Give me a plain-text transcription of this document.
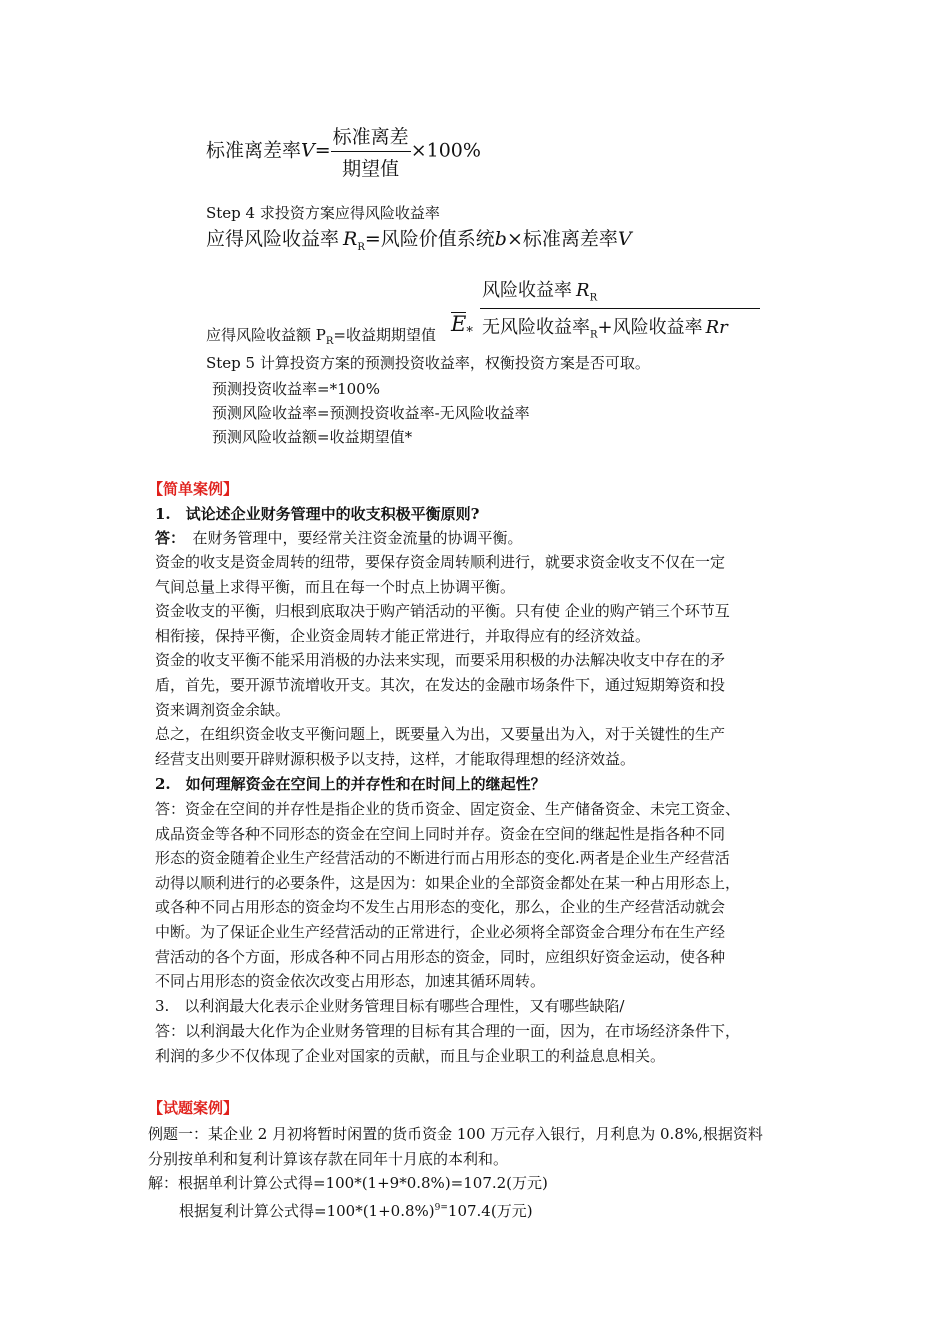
标准离差率$V= \frac{\text{标准离差}}{\text{期望值}} \times 100\%$
Step 4 求投资方案应得风险收益率
应得风险收益率 $R_R=$风险价值系统b×标准离差率V
应得风险收益额 $P_R=$收益期期望值 $E_*$
风险收益率 $R_R$
无风险收益率$_R$+风险收益率 Rr
Step 5 计算投资方案的预测投资收益率，权衡投资方案是否可取。
预测投资收益率=*100%
预测风险收益率=预测投资收益率-无风险收益率
预测风险收益额=收益期望值*
【简单案例】
1.　试论述企业财务管理中的收支积极平衡原则?
答：　在财务管理中，要经常关注资金流量的协调平衡。
资金的收支是资金周转的纽带，要保存资金周转顺利进行，就要求资金收支不仅在一定
气间总量上求得平衡，而且在每一个时点上协调平衡。
资金收支的平衡，归根到底取决于购产销活动的平衡。只有使 企业的购产销三个环节互
相衔接，保持平衡，企业资金周转才能正常进行，并取得应有的经济效益。
资金的收支平衡不能采用消极的办法来实现，而要采用积极的办法解决收支中存在的矛
盾，首先，要开源节流增收开支。其次，在发达的金融市场条件下，通过短期筹资和投
资来调剂资金余缺。
总之，在组织资金收支平衡问题上，既要量入为出，又要量出为入，对于关键性的生产
经营支出则要开辟财源积极予以支持，这样，才能取得理想的经济效益。
2.　如何理解资金在空间上的并存性和在时间上的继起性？
答：资金在空间的并存性是指企业的货币资金、固定资金、生产储备资金、未完工资金、
成品资金等各种不同形态的资金在空间上同时并存。资金在空间的继起性是指各种不同
形态的资金随着企业生产经营活动的不断进行而占用形态的变化.两者是企业生产经营活
动得以顺利进行的必要条件，这是因为：如果企业的全部资金都处在某一种占用形态上，
或各种不同占用形态的资金均不发生占用形态的变化，那么，企业的生产经营活动就会
中断。为了保证企业生产经营活动的正常进行，企业必须将全部资金合理分布在生产经
营活动的各个方面，形成各种不同占用形态的资金，同时，应组织好资金运动，使各种
不同占用形态的资金依次改变占用形态，加速其循环周转。
3.　以利润最大化表示企业财务管理目标有哪些合理性，又有哪些缺陷/
答：以利润最大化作为企业财务管理的目标有其合理的一面，因为，在市场经济条件下，
利润的多少不仅体现了企业对国家的贡献，而且与企业职工的利益息息相关。
【试题案例】
例题一：某企业 2 月初将暂时闲置的货币资金 100 万元存入银行，月利息为 0.8%,根据资料
分别按单利和复利计算该存款在同年十月底的本利和。
解：根据单利计算公式得=100*(1+9*0.8%)=107.2(万元)
根据复利计算公式得$=100*(1+0.8\%)^{9=}107.4$(万元)
